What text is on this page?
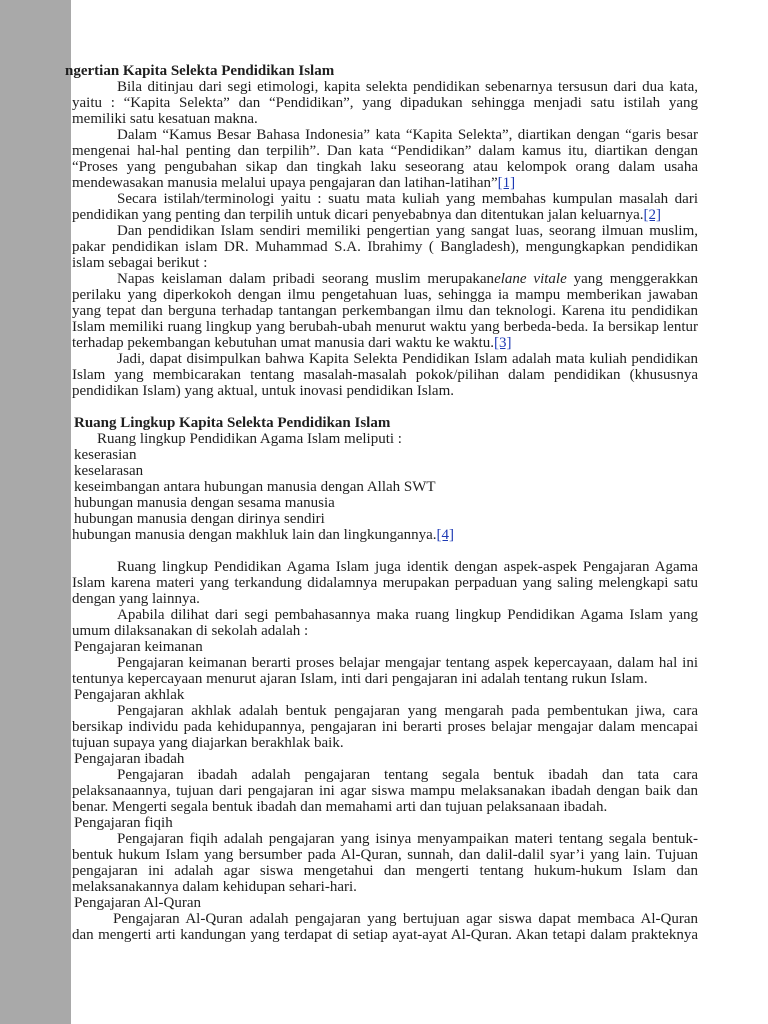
ngertian Kapita Selekta Pendidikan Islam
Bila ditinjau dari segi etimologi, kapita selekta pendidikan sebenarnya tersusun dari dua kata,
yaitu : “Kapita Selekta” dan “Pendidikan”, yang dipadukan sehingga menjadi satu istilah yang
memiliki satu kesatuan makna.
Dalam “Kamus Besar Bahasa Indonesia” kata “Kapita Selekta”, diartikan dengan “garis besar
mengenai hal-hal penting dan terpilih”. Dan kata “Pendidikan” dalam kamus itu, diartikan dengan
“Proses yang pengubahan sikap dan tingkah laku seseorang atau kelompok orang dalam usaha
mendewasakan manusia melalui upaya pengajaran dan latihan-latihan”[1]
Secara istilah/terminologi yaitu : suatu mata kuliah yang membahas kumpulan masalah dari
pendidikan yang penting dan terpilih untuk dicari penyebabnya dan ditentukan jalan keluarnya.[2]
Dan pendidikan Islam sendiri memiliki pengertian yang sangat luas, seorang ilmuan muslim,
pakar pendidikan islam DR. Muhammad S.A. Ibrahimy ( Bangladesh), mengungkapkan pendidikan
islam sebagai berikut :
Napas keislaman dalam pribadi seorang muslim merupakanelane vitale yang menggerakkan
perilaku yang diperkokoh dengan ilmu pengetahuan luas, sehingga ia mampu memberikan jawaban
yang tepat dan berguna terhadap tantangan perkembangan ilmu dan teknologi. Karena itu pendidikan
Islam memiliki ruang lingkup yang berubah-ubah menurut waktu yang berbeda-beda. Ia bersikap lentur
terhadap pekembangan kebutuhan umat manusia dari waktu ke waktu.[3]
Jadi, dapat disimpulkan bahwa Kapita Selekta Pendidikan Islam adalah mata kuliah pendidikan
Islam yang membicarakan tentang masalah-masalah pokok/pilihan dalam pendidikan (khususnya
pendidikan Islam) yang aktual, untuk inovasi pendidikan Islam.
Ruang Lingkup Kapita Selekta Pendidikan Islam
Ruang lingkup Pendidikan Agama Islam meliputi :
keserasian
keselarasan
keseimbangan antara hubungan manusia dengan Allah SWT
hubungan manusia dengan sesama manusia
hubungan manusia dengan dirinya sendiri
hubungan manusia dengan makhluk lain dan lingkungannya.[4]
Ruang lingkup Pendidikan Agama Islam juga identik dengan aspek-aspek Pengajaran Agama
Islam karena materi yang terkandung didalamnya merupakan perpaduan yang saling melengkapi satu
dengan yang lainnya.
Apabila dilihat dari segi pembahasannya maka ruang lingkup Pendidikan Agama Islam yang
umum dilaksanakan di sekolah adalah :
Pengajaran keimanan
Pengajaran keimanan berarti proses belajar mengajar tentang aspek kepercayaan, dalam hal ini
tentunya kepercayaan menurut ajaran Islam, inti dari pengajaran ini adalah tentang rukun Islam.
Pengajaran akhlak
Pengajaran akhlak adalah bentuk pengajaran yang mengarah pada pembentukan jiwa, cara
bersikap individu pada kehidupannya, pengajaran ini berarti proses belajar mengajar dalam mencapai
tujuan supaya yang diajarkan berakhlak baik.
Pengajaran ibadah
Pengajaran ibadah adalah pengajaran tentang segala bentuk ibadah dan tata cara
pelaksanaannya, tujuan dari pengajaran ini agar siswa mampu melaksanakan ibadah dengan baik dan
benar. Mengerti segala bentuk ibadah dan memahami arti dan tujuan pelaksanaan ibadah.
Pengajaran fiqih
Pengajaran fiqih adalah pengajaran yang isinya menyampaikan materi tentang segala bentuk-
bentuk hukum Islam yang bersumber pada Al-Quran, sunnah, dan dalil-dalil syar’i yang lain. Tujuan
pengajaran ini adalah agar siswa mengetahui dan mengerti tentang hukum-hukum Islam dan
melaksanakannya dalam kehidupan sehari-hari.
Pengajaran Al-Quran
Pengajaran Al-Quran adalah pengajaran yang bertujuan agar siswa dapat membaca Al-Quran
dan mengerti arti kandungan yang terdapat di setiap ayat-ayat Al-Quran. Akan tetapi dalam prakteknya
